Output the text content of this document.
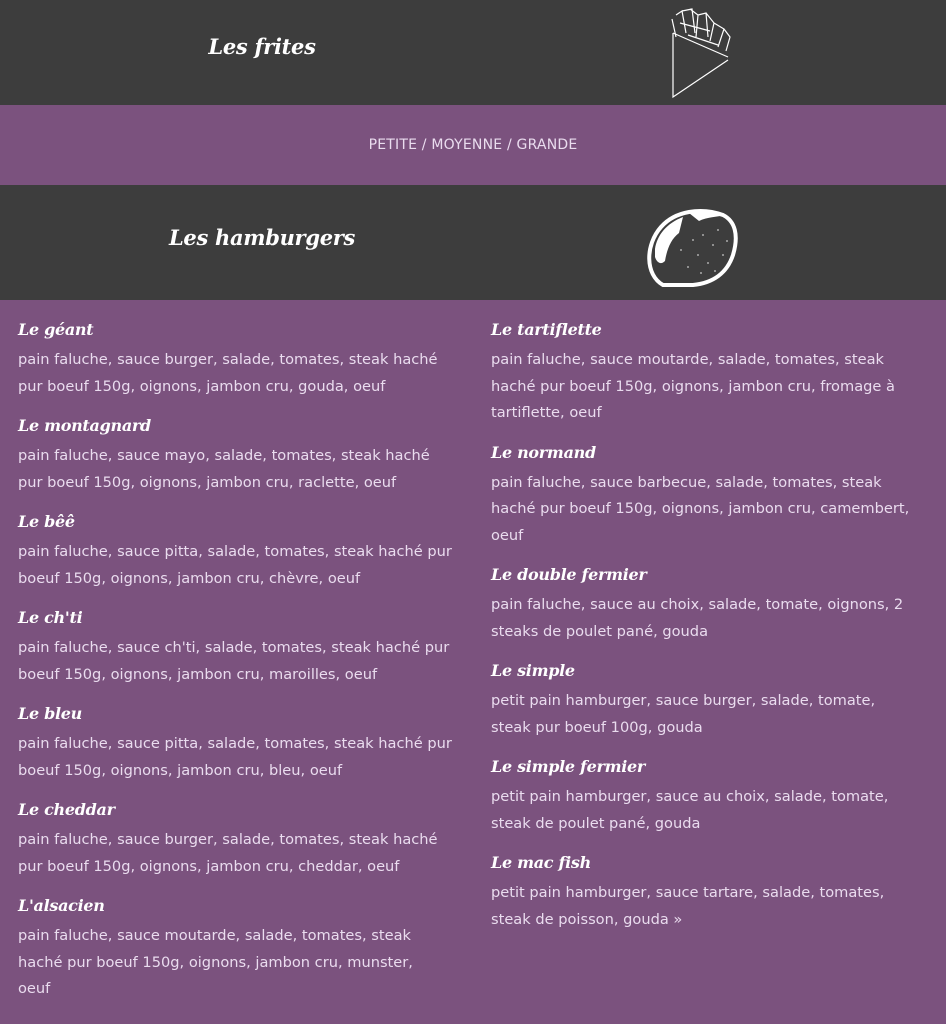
Les frites
PETITE / MOYENNE / GRANDE
Les hamburgers
Le géant
pain faluche, sauce burger, salade, tomates, steak haché pur boeuf 150g, oignons, jambon cru, gouda, oeuf
Le montagnard
pain faluche, sauce mayo, salade, tomates, steak haché pur boeuf 150g, oignons, jambon cru, raclette, oeuf
Le bêê
pain faluche, sauce pitta, salade, tomates, steak haché pur boeuf 150g, oignons, jambon cru, chèvre, oeuf
Le ch'ti
pain faluche, sauce ch'ti, salade, tomates, steak haché pur boeuf 150g, oignons, jambon cru, maroilles, oeuf
Le bleu
pain faluche, sauce pitta, salade, tomates, steak haché pur boeuf 150g, oignons, jambon cru, bleu, oeuf
Le cheddar
pain faluche, sauce burger, salade, tomates, steak haché pur boeuf 150g, oignons, jambon cru, cheddar, oeuf
L'alsacien
pain faluche, sauce moutarde, salade, tomates, steak haché pur boeuf 150g, oignons, jambon cru, munster, oeuf
Le tartiflette
pain faluche, sauce moutarde, salade, tomates, steak haché pur boeuf 150g, oignons, jambon cru, fromage à tartiflette, oeuf
Le normand
pain faluche, sauce barbecue, salade, tomates, steak haché pur boeuf 150g, oignons, jambon cru, camembert, oeuf
Le double fermier
pain faluche, sauce au choix, salade, tomate, oignons, 2 steaks de poulet pané, gouda
Le simple
petit pain hamburger, sauce burger, salade, tomate, steak pur boeuf 100g, gouda
Le simple fermier
petit pain hamburger, sauce au choix, salade, tomate, steak de poulet pané, gouda
Le mac fish
petit pain hamburger, sauce tartare, salade, tomates, steak de poisson, gouda »
